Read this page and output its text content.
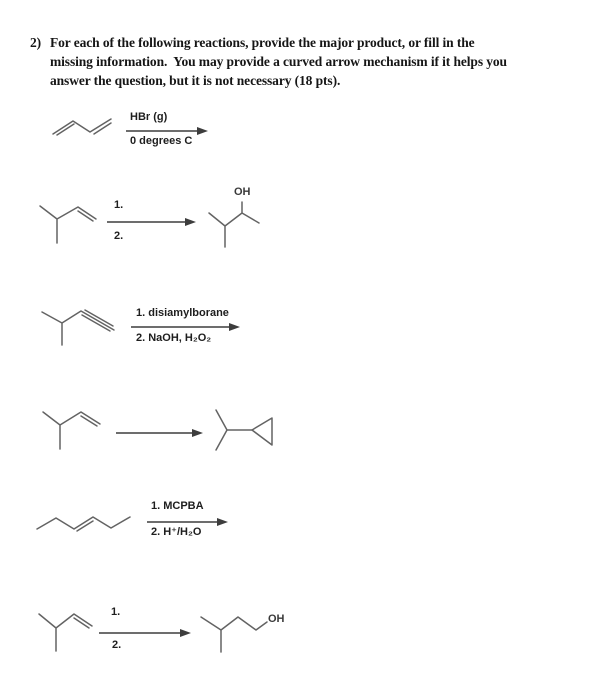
2) For each of the following reactions, provide the major product, or fill in the
missing information.  You may provide a curved arrow mechanism if it helps you
answer the question, but it is not necessary (18 pts).
HBr (g)
0 degrees C
1.
2.
OH
1. disiamylborane
2. NaOH, H₂O₂
1. MCPBA
2. H⁺/H₂O
1.
2.
OH
